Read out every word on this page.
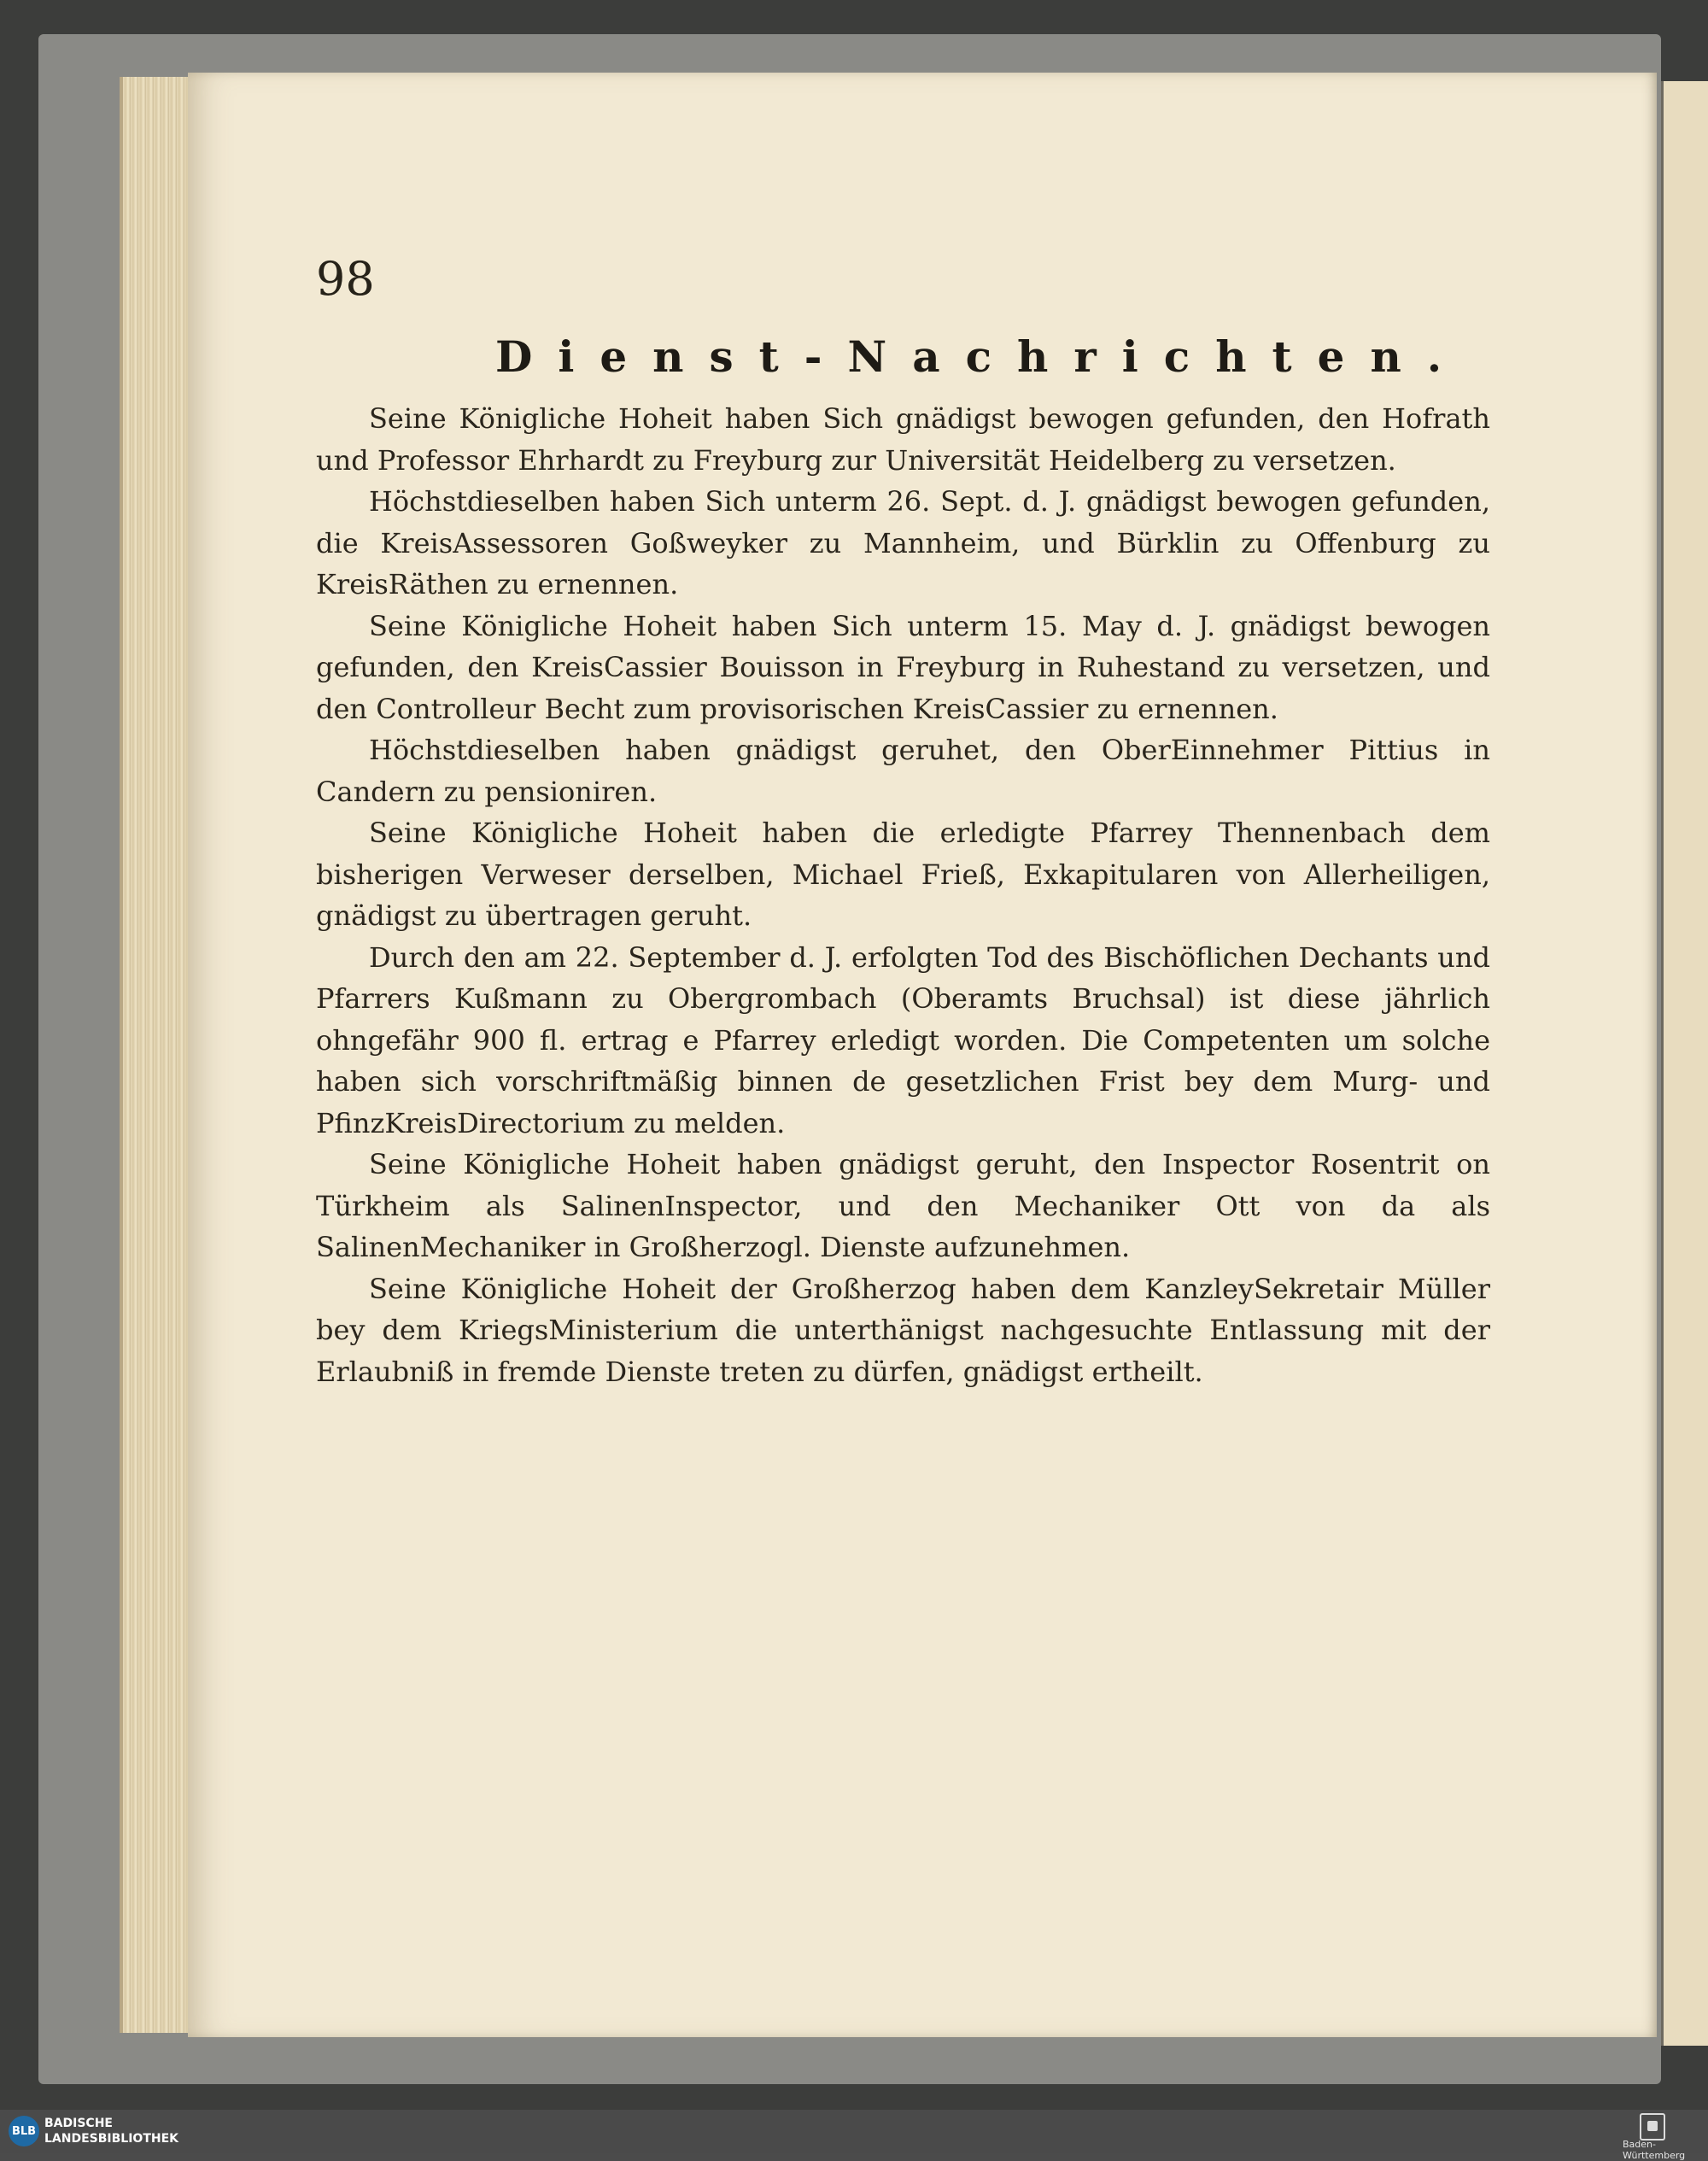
98
Dienst-Nachrichten.

Seine Königliche Hoheit haben Sich gnädigst bewogen gefunden, den Hofrath und Professor Ehrhardt zu Freyburg zur Universität Heidelberg zu versetzen.

Höchstdieselben haben Sich unterm 26. Sept. d. J. gnädigst bewogen gefunden, die KreisAssessoren Goßweyker zu Mannheim, und Bürklin zu Offenburg zu KreisRäthen zu ernennen.

Seine Königliche Hoheit haben Sich unterm 15. May d. J. gnädigst bewogen gefunden, den KreisCassier Bouisson in Freyburg in Ruhestand zu versetzen, und den Controlleur Becht zum provisorischen KreisCassier zu ernennen.

Höchstdieselben haben gnädigst geruhet, den OberEinnehmer Pittius in Candern zu pensioniren.

Seine Königliche Hoheit haben die erledigte Pfarrey Thennenbach dem bisherigen Verweser derselben, Michael Frieß, Exkapitularen von Allerheiligen, gnädigst zu übertragen geruht.

Durch den am 22. September d. J. erfolgten Tod des Bischöflichen Dechants und Pfarrers Kußmann zu Obergrombach (Oberamts Bruchsal) ist diese jährlich ohngefähr 900 fl. ertrag e Pfarrey erledigt worden. Die Competenten um solche haben sich vorschriftmäßig binnen de gesetzlichen Frist bey dem Murg- und PfinzKreisDirectorium zu melden.

Seine Königliche Hoheit haben gnädigst geruht, den Inspector Rosentrit on Türkheim als SalinenInspector, und den Mechaniker Ott von da als SalinenMechaniker in Großherzogl. Dienste aufzunehmen.

Seine Königliche Hoheit der Großherzog haben dem KanzleySekretair Müller bey dem KriegsMinisterium die unterthänigst nachgesuchte Entlassung mit der Erlaubniß in fremde Dienste treten zu dürfen, gnädigst ertheilt.

BLB
BADISCHE
LANDESBIBLIOTHEK	Baden-Württemberg
